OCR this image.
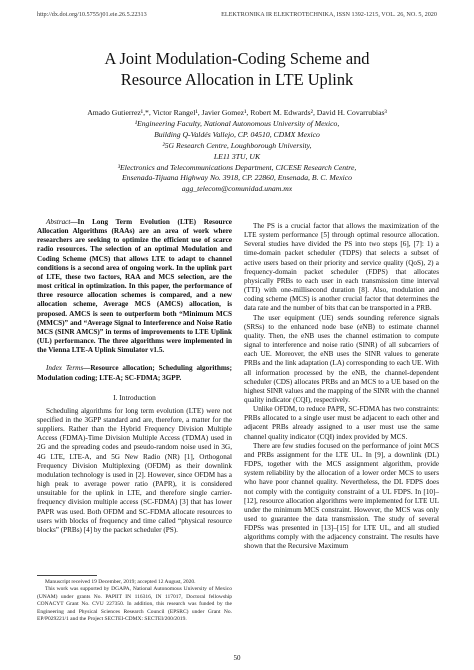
http://dx.doi.org/10.5755/j01.eie.26.5.22313	ELEKTRONIKA IR ELEKTROTECHNIKA, ISSN 1392-1215, VOL. 26, NO. 5, 2020
A Joint Modulation-Coding Scheme and
Resource Allocation in LTE Uplink
Amado Gutierrez¹,*, Victor Rangel¹, Javier Gomez¹, Robert M. Edwards², David H. Covarrubias³
¹Engineering Faculty, National Autonomous University of Mexico,
Building Q-Valdés Vallejo, CP. 04510, CDMX Mexico
²5G Research Centre, Loughborough University,
LE11 3TU, UK
³Electronics and Telecommunications Department, CICESE Research Centre,
Ensenada-Tijuana Highway No. 3918, CP. 22860, Ensenada, B. C. Mexico
agg_telecom@comunidad.unam.mx

Abstract—In Long Term Evolution (LTE) Resource Allocation Algorithms (RAAs) are an area of work where researchers are seeking to optimize the efficient use of scarce radio resources. The selection of an optimal Modulation and Coding Scheme (MCS) that allows LTE to adapt to channel conditions is a second area of ongoing work. In the uplink part of LTE, these two factors, RAA and MCS selection, are the most critical in optimization. In this paper, the performance of three resource allocation schemes is compared, and a new allocation scheme, Average MCS (AMCS) allocation, is proposed. AMCS is seen to outperform both “Minimum MCS (MMCS)” and “Average Signal to Interference and Noise Ratio MCS (SINR AMCS)” in terms of improvements to LTE Uplink (UL) performance. The three algorithms were implemented in the Vienna LTE-A Uplink Simulator v1.5.

Index Terms—Resource allocation; Scheduling algorithms; Modulation coding; LTE-A; SC-FDMA; 3GPP.

I. Introduction

Scheduling algorithms for long term evolution (LTE) were not specified in the 3GPP standard and are, therefore, a matter for the suppliers. Rather than the Hybrid Frequency Division Multiple Access (FDMA)-Time Division Multiple Access (TDMA) used in 2G and the spreading codes and pseudo-random noise used in 3G, 4G LTE, LTE-A, and 5G New Radio (NR) [1], Orthogonal Frequency Division Multiplexing (OFDM) as their downlink modulation technology is used in [2]. However, since OFDM has a high peak to average power ratio (PAPR), it is considered unsuitable for the uplink in LTE, and therefore single carrier-frequency division multiple access (SC-FDMA) [3] that has lower PAPR was used. Both OFDM and SC-FDMA allocate resources to users with blocks of frequency and time called “physical resource blocks” (PRBs) [4] by the packet scheduler (PS).

Manuscript received 19 December, 2019; accepted 12 August, 2020.

This work was supported by DGAPA, National Autonomous University of Mexico (UNAM) under grants No. PAPIIT IN 116316, IN 117017, Doctoral fellowship CONACYT Grant No. CVU 227350. In addition, this research was funded by the Engineering and Physical Sciences Research Council (EPSRC) under Grant No. EP/P029221/1 and the Project SECTEI-CDMX: SECTEI/200/2019.

The PS is a crucial factor that allows the maximization of the LTE system performance [5] through optimal resource allocation. Several studies have divided the PS into two steps [6], [7]: 1) a time-domain packet scheduler (TDPS) that selects a subset of active users based on their priority and service quality (QoS), 2) a frequency-domain packet scheduler (FDPS) that allocates physically PRBs to each user in each transmission time interval (TTI) with one-millisecond duration [8]. Also, modulation and coding scheme (MCS) is another crucial factor that determines the data rate and the number of bits that can be transported in a PRB.

The user equipment (UE) sends sounding reference signals (SRSs) to the enhanced node base (eNB) to estimate channel quality. Then, the eNB uses the channel estimation to compute signal to interference and noise ratio (SINR) of all subcarriers of each UE. Moreover, the eNB uses the SINR values to generate PRBs and the link adaptation (LA) corresponding to each UE. With all information processed by the eNB, the channel-dependent scheduler (CDS) allocates PRBs and an MCS to a UE based on the highest SINR values and the mapping of the SINR with the channel quality indicator (CQI), respectively.

Unlike OFDM, to reduce PAPR, SC-FDMA has two constraints: PRBs allocated to a single user must be adjacent to each other and adjacent PRBs already assigned to a user must use the same channel quality indicator (CQI) index provided by MCS.

There are few studies focused on the performance of joint MCS and PRBs assignment for the LTE UL. In [9], a downlink (DL) FDPS, together with the MCS assignment algorithm, provide system reliability by the allocation of a lower order MCS to users who have poor channel quality. Nevertheless, the DL FDPS does not comply with the contiguity constraint of a UL FDPS. In [10]–[12], resource allocation algorithms were implemented for LTE UL under the minimum MCS constraint. However, the MCS was only used to guarantee the data transmission. The study of several FDPSs was presented in [13]–[15] for LTE UL, and all studied algorithms comply with the adjacency constraint. The results have shown that the Recursive Maximum

50
